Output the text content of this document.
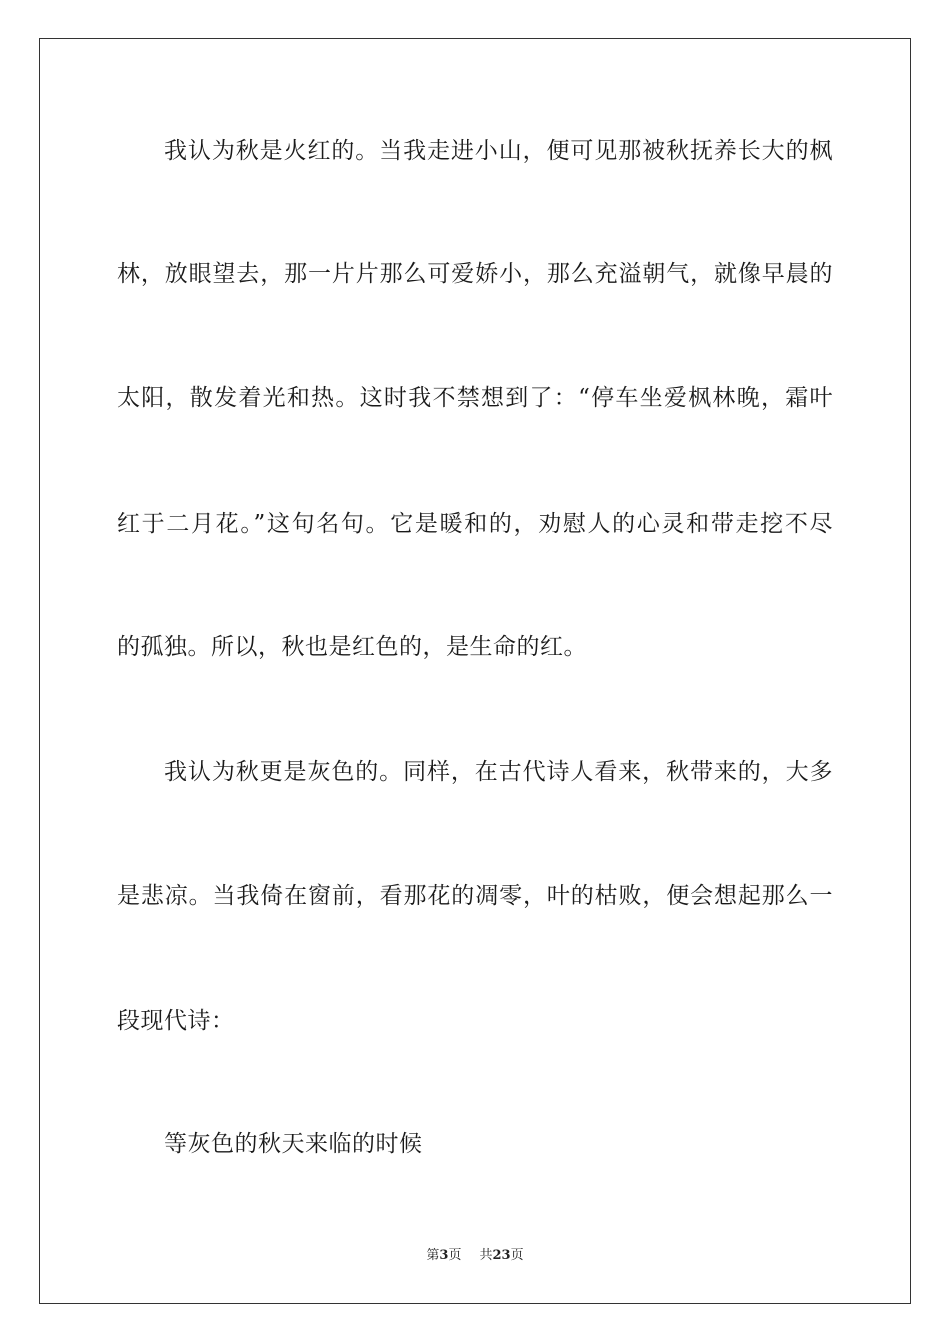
我认为秋是火红的。当我走进小山，便可见那被秋抚养长大的枫
林，放眼望去，那一片片那么可爱娇小，那么充溢朝气，就像早晨的
太阳，散发着光和热。这时我不禁想到了：“停车坐爱枫林晚，霜叶
红于二月花。”这句名句。它是暖和的，劝慰人的心灵和带走挖不尽
的孤独。所以，秋也是红色的，是生命的红。
我认为秋更是灰色的。同样，在古代诗人看来，秋带来的，大多
是悲凉。当我倚在窗前，看那花的凋零，叶的枯败，便会想起那么一
段现代诗：
等灰色的秋天来临的时候
第3页 共23页
